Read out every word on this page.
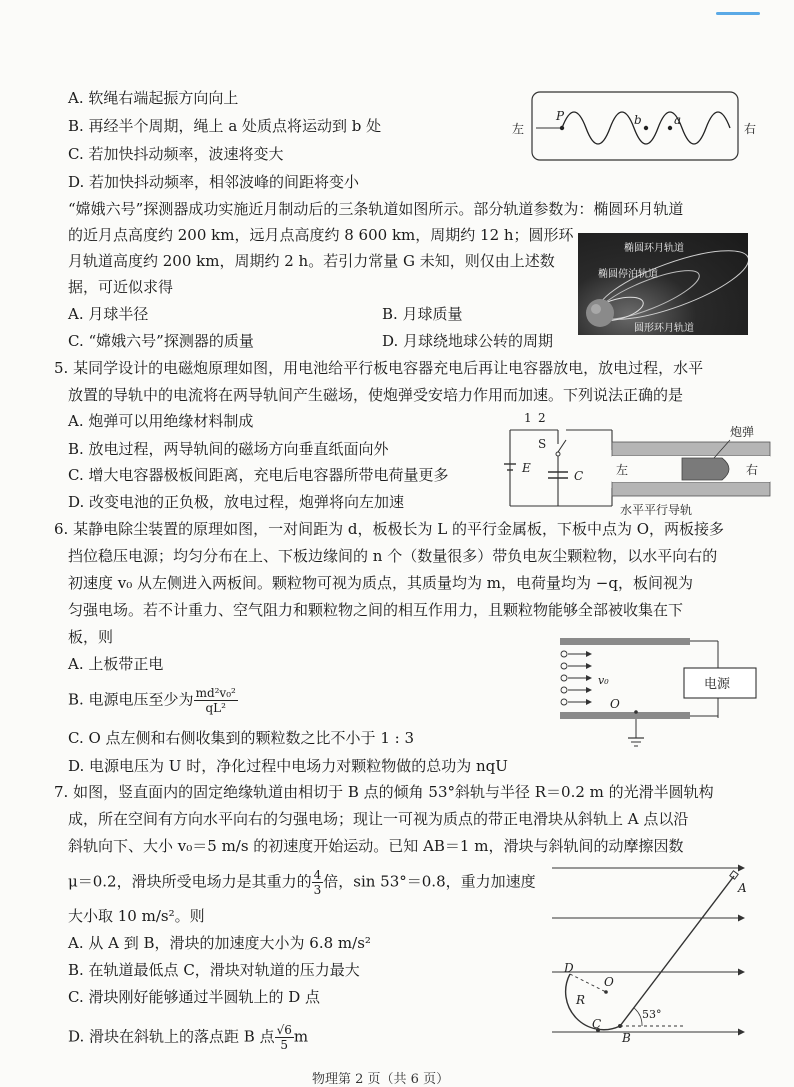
A. 软绳右端起振方向向上
B. 再经半个周期，绳上 a 处质点将运动到 b 处
C. 若加快抖动频率，波速将变大
D. 若加快抖动频率，相邻波峰的间距将变小
左	右
P	b	a
“嫦娥六号”探测器成功实施近月制动后的三条轨道如图所示。部分轨道参数为：椭圆环月轨道
的近月点高度约 200 km，远月点高度约 8 600 km，周期约 12 h；圆形环
月轨道高度约 200 km，周期约 2 h。若引力常量 G 未知，则仅由上述数
据，可近似求得
A. 月球半径	B. 月球质量
C. “嫦娥六号”探测器的质量	D. 月球绕地球公转的周期
椭圆环月轨道
椭圆停泊轨道
圆形环月轨道
5. 某同学设计的电磁炮原理如图，用电池给平行板电容器充电后再让电容器放电，放电过程，水平
放置的导轨中的电流将在两导轨间产生磁场，使炮弹受安培力作用而加速。下列说法正确的是
A. 炮弹可以用绝缘材料制成
B. 放电过程，两导轨间的磁场方向垂直纸面向外
C. 增大电容器极板间距离，充电后电容器所带电荷量更多
D. 改变电池的正负极，放电过程，炮弹将向左加速
1 2
S
E
C
炮弹
左	右
水平平行导轨
6. 某静电除尘装置的原理如图，一对间距为 d，板极长为 L 的平行金属板，下板中点为 O，两板接多
挡位稳压电源；均匀分布在上、下板边缘间的 n 个（数量很多）带负电灰尘颗粒物，以水平向右的
初速度 v₀ 从左侧进入两板间。颗粒物可视为质点，其质量均为 m，电荷量均为 −q，板间视为
匀强电场。若不计重力、空气阻力和颗粒物之间的相互作用力，且颗粒物能够全部被收集在下
板，则
A. 上板带正电
B. 电源电压至少为 $\frac{\text{md²v₀²}}{\text{qL²}}$
C. O 点左侧和右侧收集到的颗粒数之比不小于 1 : 3
D. 电源电压为 U 时，净化过程中电场力对颗粒物做的总功为 nqU
v₀
O
电源
7. 如图，竖直面内的固定绝缘轨道由相切于 B 点的倾角 53°斜轨与半径 R＝0.2 m 的光滑半圆轨构
成，所在空间有方向水平向右的匀强电场；现让一可视为质点的带正电滑块从斜轨上 A 点以沿
斜轨向下、大小 v₀＝5 m/s 的初速度开始运动。已知 AB＝1 m，滑块与斜轨间的动摩擦因数
μ＝0.2，滑块所受电场力是其重力的 $\frac{4}{3}$ 倍，sin 53°＝0.8，重力加速度
大小取 10 m/s²。则
A. 从 A 到 B，滑块的加速度大小为 6.8 m/s²
B. 在轨道最低点 C，滑块对轨道的压力最大
C. 滑块刚好能够通过半圆轨上的 D 点
D. 滑块在斜轨上的落点距 B 点 $\frac{√6}{5}$ m
A
B
C
D
O
R
53°
物理第 2 页（共 6 页）
